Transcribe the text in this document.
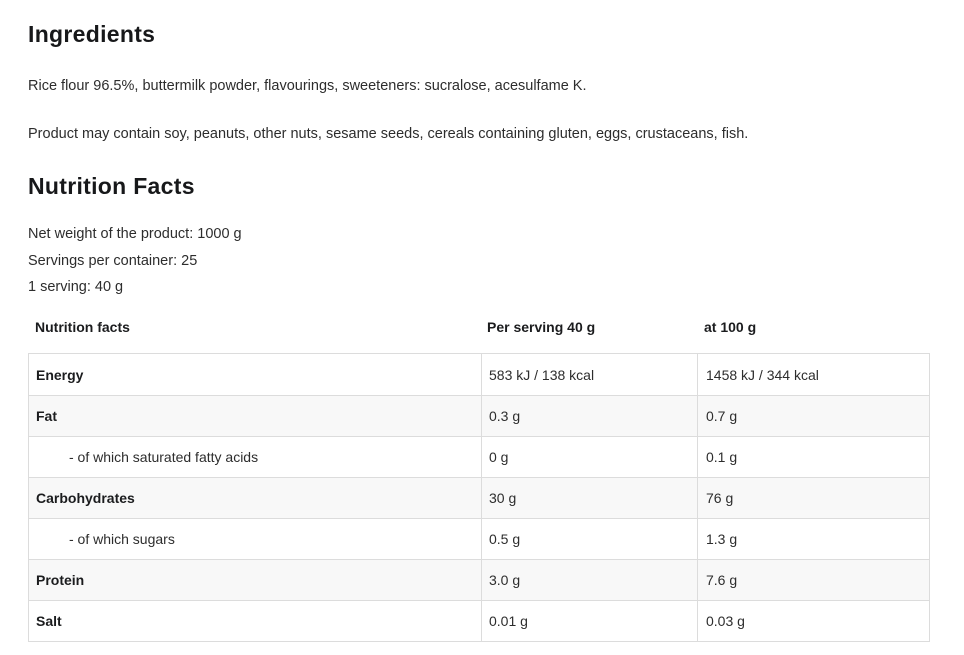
Ingredients

Rice flour 96.5%, buttermilk powder, flavourings, sweeteners: sucralose, acesulfame K.

Product may contain soy, peanuts, other nuts, sesame seeds, cereals containing gluten, eggs, crustaceans, fish.

Nutrition Facts
Net weight of the product: 1000 g
Servings per container: 25
1 serving: 40 g
Nutrition facts	Per serving 40 g	at 100 g
Energy	583 kJ / 138 kcal	1458 kJ / 344 kcal
Fat	0.3 g	0.7 g
- of which saturated fatty acids	0 g	0.1 g
Carbohydrates	30 g	76 g
- of which sugars	0.5 g	1.3 g
Protein	3.0 g	7.6 g
Salt	0.01 g	0.03 g
